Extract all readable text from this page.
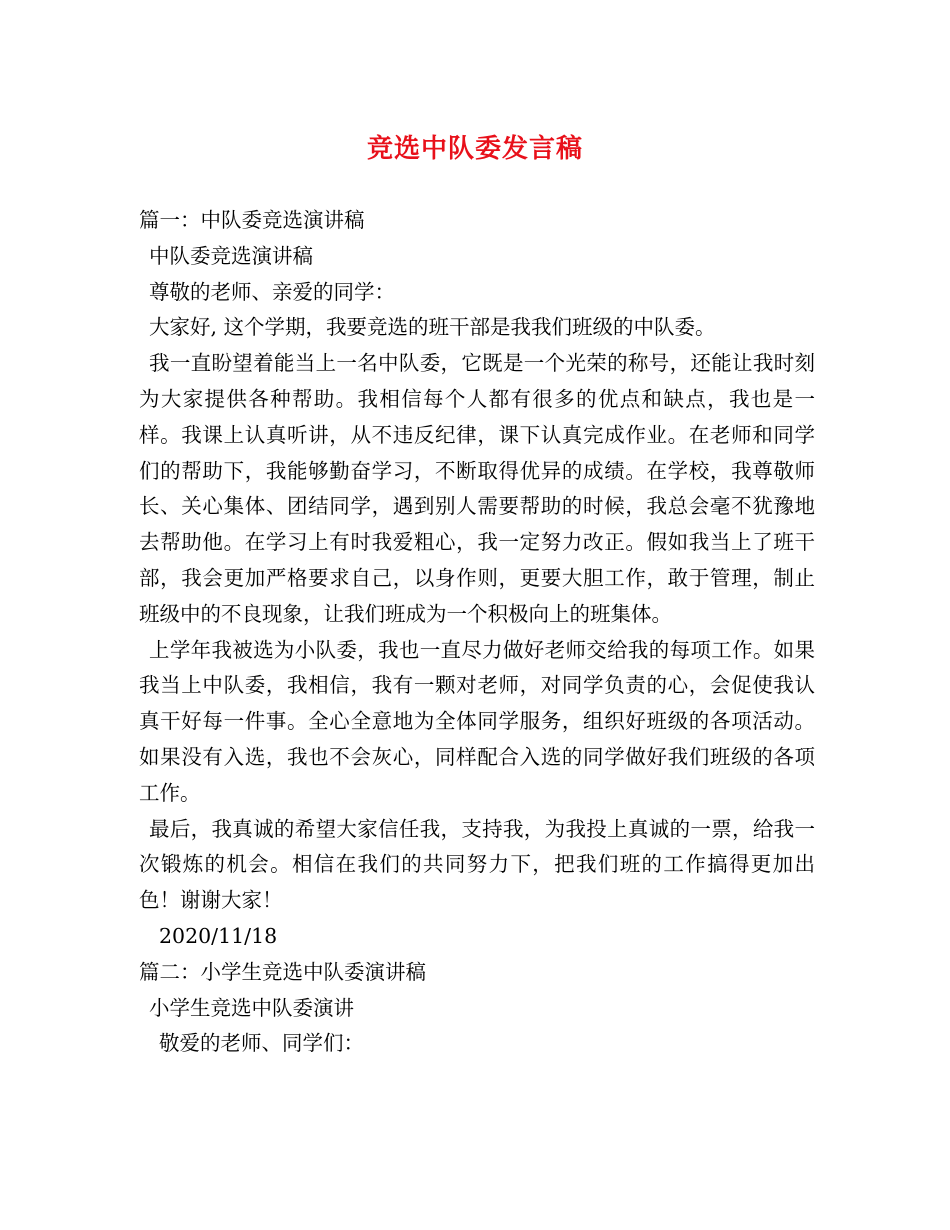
竞选中队委发言稿

篇一：中队委竞选演讲稿

中队委竞选演讲稿

尊敬的老师、亲爱的同学：

大家好, 这个学期，我要竞选的班干部是我我们班级的中队委。

我一直盼望着能当上一名中队委，它既是一个光荣的称号，还能让我时刻为大家提供各种帮助。我相信每个人都有很多的优点和缺点，我也是一样。我课上认真听讲，从不违反纪律，课下认真完成作业。在老师和同学们的帮助下，我能够勤奋学习，不断取得优异的成绩。在学校，我尊敬师长、关心集体、团结同学，遇到别人需要帮助的时候，我总会毫不犹豫地去帮助他。在学习上有时我爱粗心，我一定努力改正。假如我当上了班干部，我会更加严格要求自己，以身作则，更要大胆工作，敢于管理，制止班级中的不良现象，让我们班成为一个积极向上的班集体。

上学年我被选为小队委，我也一直尽力做好老师交给我的每项工作。如果我当上中队委，我相信，我有一颗对老师，对同学负责的心，会促使我认真干好每一件事。全心全意地为全体同学服务，组织好班级的各项活动。如果没有入选，我也不会灰心，同样配合入选的同学做好我们班级的各项工作。

最后，我真诚的希望大家信任我，支持我，为我投上真诚的一票，给我一次锻炼的机会。相信在我们的共同努力下，把我们班的工作搞得更加出色！谢谢大家！

2020/11/18

篇二：小学生竞选中队委演讲稿

小学生竞选中队委演讲

敬爱的老师、同学们：
